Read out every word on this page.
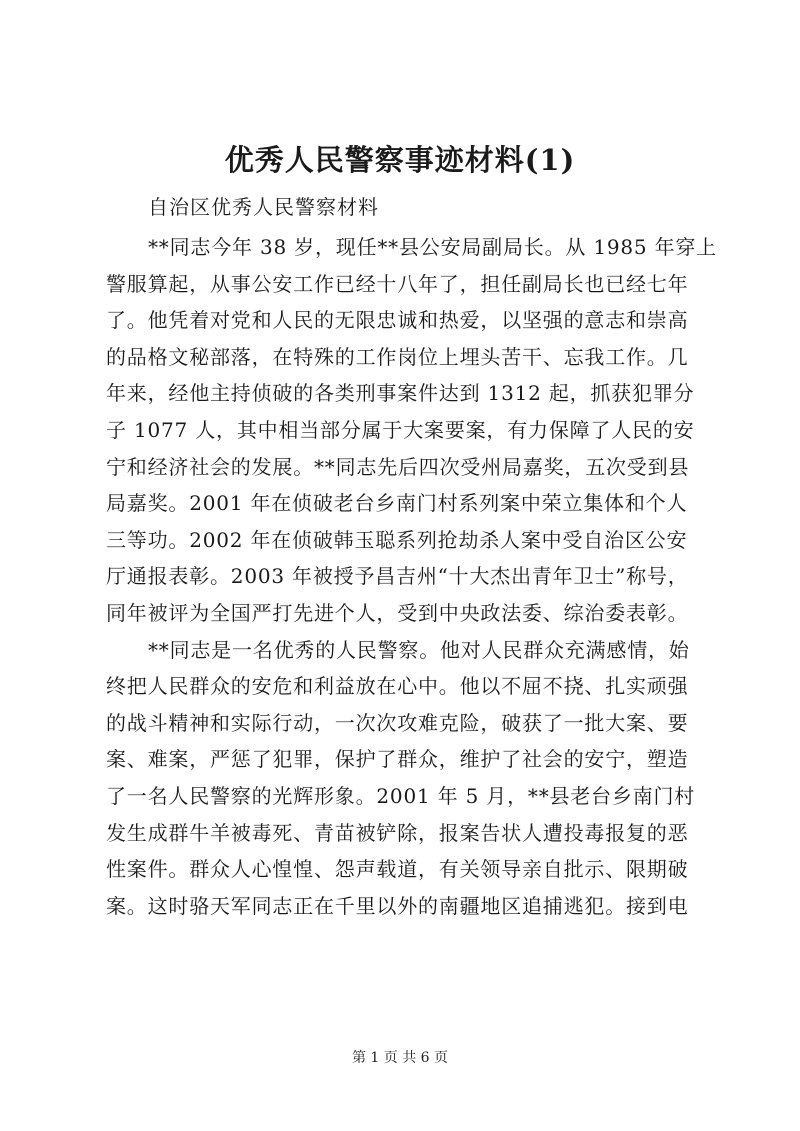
优秀人民警察事迹材料(1)
自治区优秀人民警察材料
**同志今年 38 岁，现任**县公安局副局长。从 1985 年穿上
警服算起，从事公安工作已经十八年了，担任副局长也已经七年
了。他凭着对党和人民的无限忠诚和热爱，以坚强的意志和崇高
的品格文秘部落，在特殊的工作岗位上埋头苦干、忘我工作。几
年来，经他主持侦破的各类刑事案件达到 1312 起，抓获犯罪分
子 1077 人，其中相当部分属于大案要案，有力保障了人民的安
宁和经济社会的发展。**同志先后四次受州局嘉奖，五次受到县
局嘉奖。2001 年在侦破老台乡南门村系列案中荣立集体和个人
三等功。2002 年在侦破韩玉聪系列抢劫杀人案中受自治区公安
厅通报表彰。2003 年被授予昌吉州“十大杰出青年卫士”称号，
同年被评为全国严打先进个人，受到中央政法委、综治委表彰。
**同志是一名优秀的人民警察。他对人民群众充满感情，始
终把人民群众的安危和利益放在心中。他以不屈不挠、扎实顽强
的战斗精神和实际行动，一次次攻难克险，破获了一批大案、要
案、难案，严惩了犯罪，保护了群众，维护了社会的安宁，塑造
了一名人民警察的光辉形象。2001 年 5 月，**县老台乡南门村
发生成群牛羊被毒死、青苗被铲除，报案告状人遭投毒报复的恶
性案件。群众人心惶惶、怨声载道，有关领导亲自批示、限期破
案。这时骆天军同志正在千里以外的南疆地区追捕逃犯。接到电
第 1 页 共 6 页
